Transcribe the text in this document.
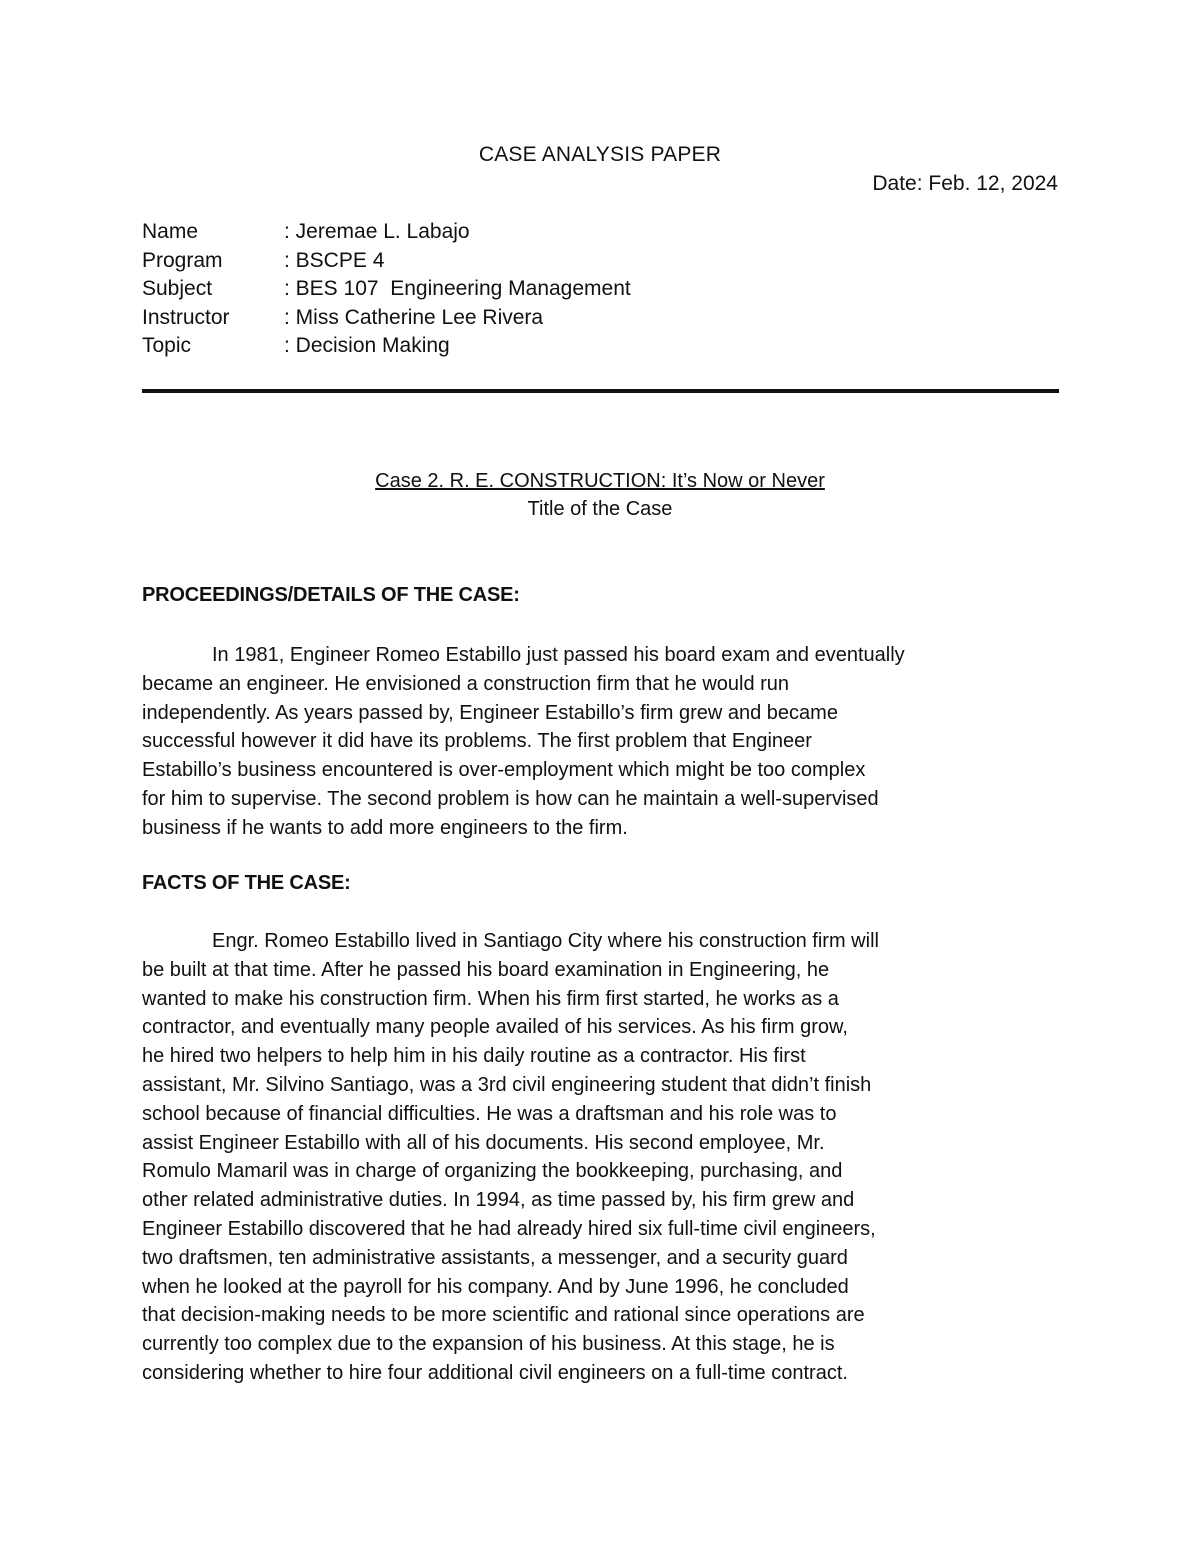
CASE ANALYSIS PAPER
Date: Feb. 12, 2024
Name	: Jeremae L. Labajo
Program	: BSCPE 4
Subject	: BES 107  Engineering Management
Instructor	: Miss Catherine Lee Rivera
Topic	: Decision Making
Case 2. R. E. CONSTRUCTION: It’s Now or Never
Title of the Case
PROCEEDINGS/DETAILS OF THE CASE:
In 1981, Engineer Romeo Estabillo just passed his board exam and eventually
became an engineer. He envisioned a construction firm that he would run
independently. As years passed by, Engineer Estabillo’s firm grew and became
successful however it did have its problems. The first problem that Engineer
Estabillo’s business encountered is over-employment which might be too complex
for him to supervise. The second problem is how can he maintain a well-supervised
business if he wants to add more engineers to the firm.
FACTS OF THE CASE:
Engr. Romeo Estabillo lived in Santiago City where his construction firm will
be built at that time. After he passed his board examination in Engineering, he
wanted to make his construction firm. When his firm first started, he works as a
contractor, and eventually many people availed of his services. As his firm grow,
he hired two helpers to help him in his daily routine as a contractor. His first
assistant, Mr. Silvino Santiago, was a 3rd civil engineering student that didn’t finish
school because of financial difficulties. He was a draftsman and his role was to
assist Engineer Estabillo with all of his documents. His second employee, Mr.
Romulo Mamaril was in charge of organizing the bookkeeping, purchasing, and
other related administrative duties. In 1994, as time passed by, his firm grew and
Engineer Estabillo discovered that he had already hired six full-time civil engineers,
two draftsmen, ten administrative assistants, a messenger, and a security guard
when he looked at the payroll for his company. And by June 1996, he concluded
that decision-making needs to be more scientific and rational since operations are
currently too complex due to the expansion of his business. At this stage, he is
considering whether to hire four additional civil engineers on a full-time contract.
